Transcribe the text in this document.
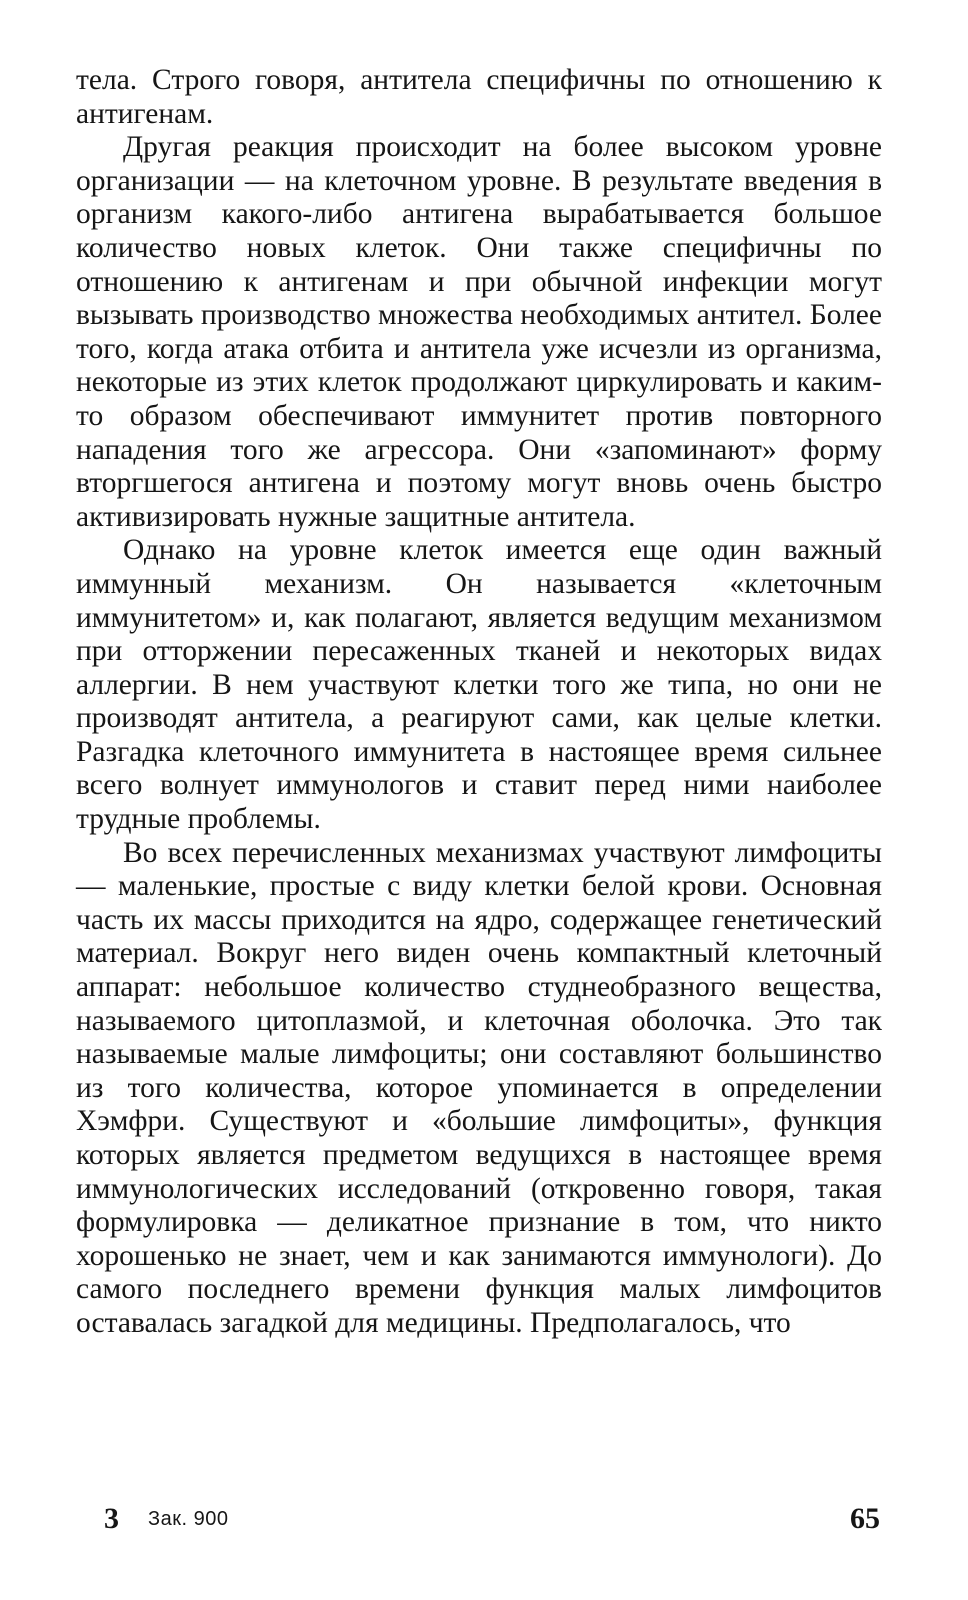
тела. Строго говоря, антитела специфичны по отношению к антигенам.

Другая реакция происходит на более высоком уровне организации — на клеточном уровне. В результате введения в организм какого-либо антигена вырабатывается большое количество новых клеток. Они также специфичны по отношению к антигенам и при обычной инфекции могут вызывать производство множества необходимых антител. Более того, когда атака отбита и антитела уже исчезли из организма, некоторые из этих клеток продолжают циркулировать и каким-то образом обеспечивают иммунитет против повторного нападения того же агрессора. Они «запоминают» форму вторгшегося антигена и поэтому могут вновь очень быстро активизировать нужные защитные антитела.

Однако на уровне клеток имеется еще один важный иммунный механизм. Он называется «клеточным иммунитетом» и, как полагают, является ведущим механизмом при отторжении пересаженных тканей и некоторых видах аллергии. В нем участвуют клетки того же типа, но они не производят антитела, а реагируют сами, как целые клетки. Разгадка клеточного иммунитета в настоящее время сильнее всего волнует иммунологов и ставит перед ними наиболее трудные проблемы.

Во всех перечисленных механизмах участвуют лимфоциты — маленькие, простые с виду клетки белой крови. Основная часть их массы приходится на ядро, содержащее генетический материал. Вокруг него виден очень компактный клеточный аппарат: небольшое количество студнеобразного вещества, называемого цитоплазмой, и клеточная оболочка. Это так называемые малые лимфоциты; они составляют большинство из того количества, которое упоминается в определении Хэмфри. Существуют и «большие лимфоциты», функция которых является предметом ведущихся в настоящее время иммунологических исследований (откровенно говоря, такая формулировка — деликатное признание в том, что никто хорошенько не знает, чем и как занимаются иммунологи). До самого последнего времени функция малых лимфоцитов оставалась загадкой для медицины. Предполагалось, что

3 Зак. 900	65
